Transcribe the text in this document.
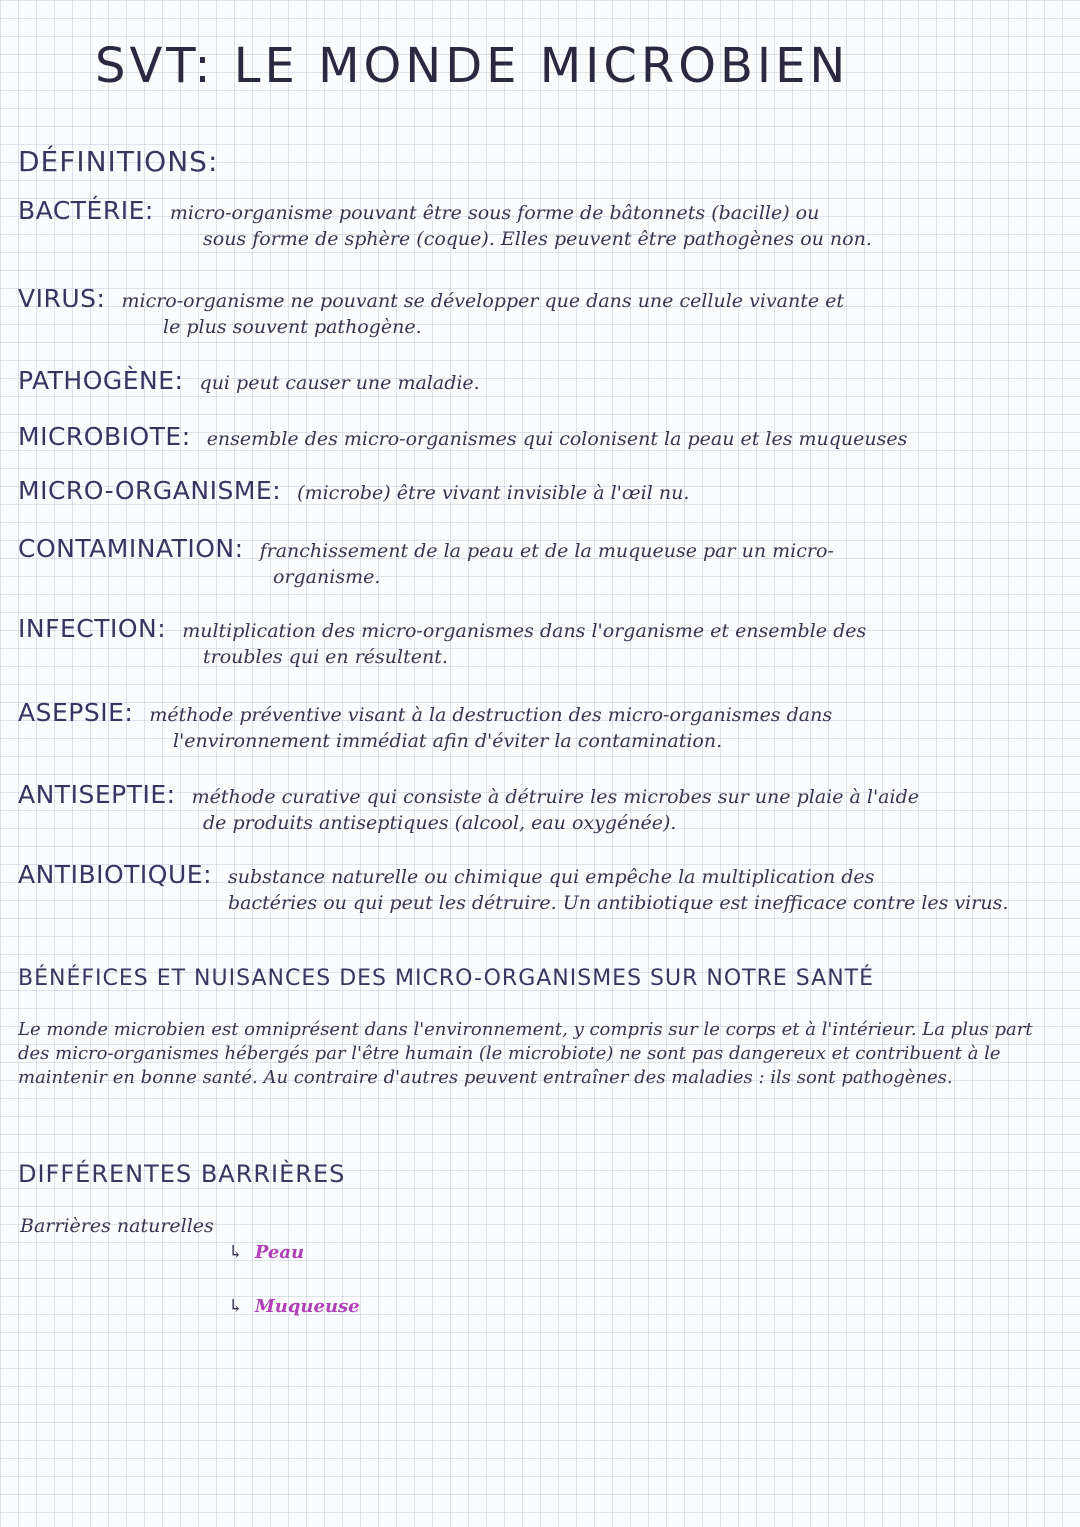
SVT: LE MONDE MICROBIEN
DÉFINITIONS:
BACTÉRIE: micro-organisme pouvant être sous forme de bâtonnets (bacille) ou
sous forme de sphère (coque). Elles peuvent être pathogènes ou non.
VIRUS: micro-organisme ne pouvant se développer que dans une cellule vivante et
le plus souvent pathogène.
PATHOGÈNE: qui peut causer une maladie.
MICROBIOTE: ensemble des micro-organismes qui colonisent la peau et les muqueuses
MICRO-ORGANISME: (microbe) être vivant invisible à l'œil nu.
CONTAMINATION: franchissement de la peau et de la muqueuse par un micro-
organisme.
INFECTION: multiplication des micro-organismes dans l'organisme et ensemble des
troubles qui en résultent.
ASEPSIE: méthode préventive visant à la destruction des micro-organismes dans
l'environnement immédiat afin d'éviter la contamination.
ANTISEPTIE: méthode curative qui consiste à détruire les microbes sur une plaie à l'aide
de produits antiseptiques (alcool, eau oxygénée).
ANTIBIOTIQUE: substance naturelle ou chimique qui empêche la multiplication des
bactéries ou qui peut les détruire. Un antibiotique est inefficace contre les virus.
BÉNÉFICES ET NUISANCES DES MICRO-ORGANISMES SUR NOTRE SANTÉ
Le monde microbien est omniprésent dans l'environnement, y compris sur le corps et à l'intérieur. La plus part des micro-organismes hébergés par l'être humain (le microbiote) ne sont pas dangereux et contribuent à le maintenir en bonne santé. Au contraire d'autres peuvent entraîner des maladies : ils sont pathogènes.
DIFFÉRENTES BARRIÈRES
Barrières naturelles
↳ Peau
↳ Muqueuse
